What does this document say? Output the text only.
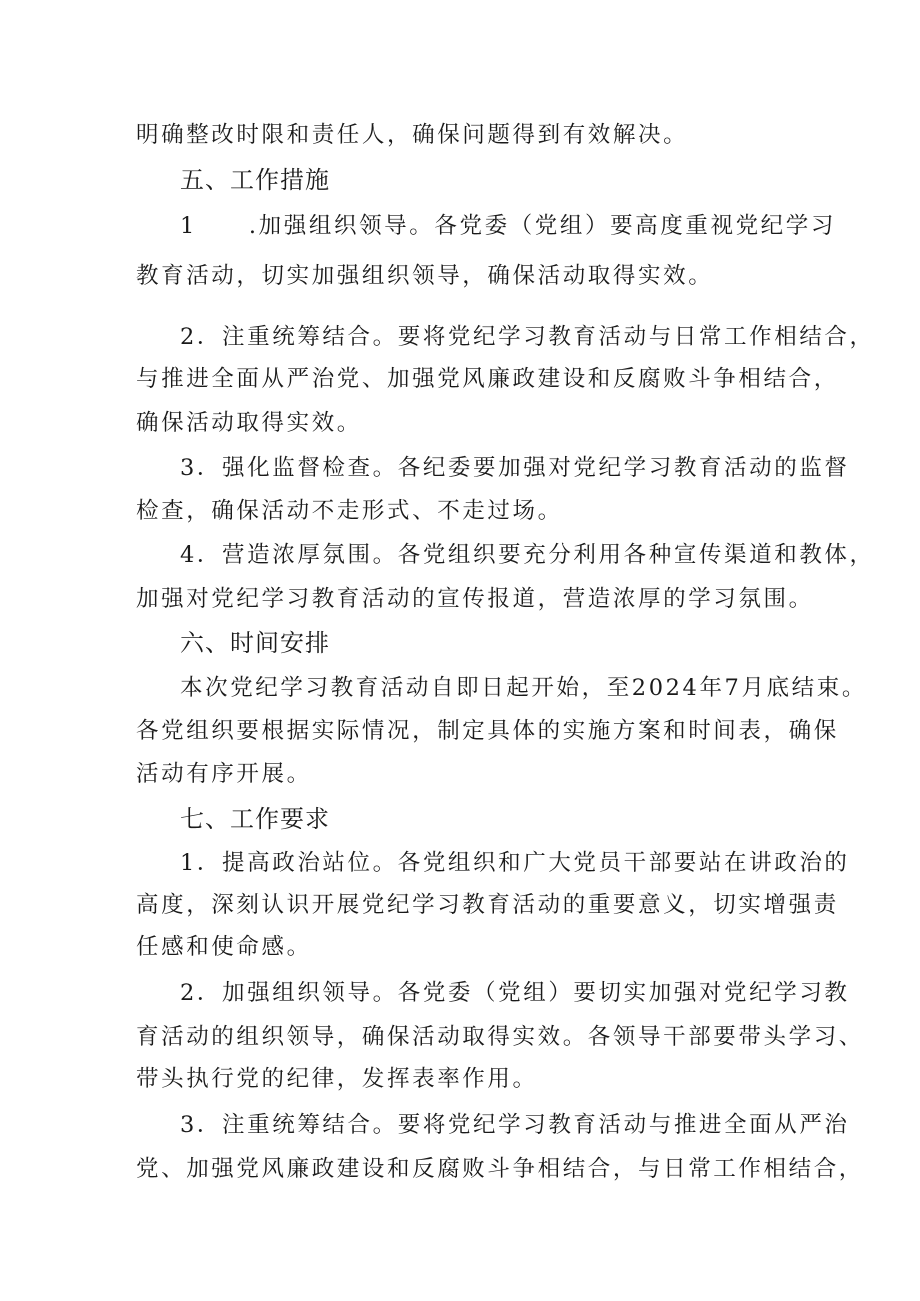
明确整改时限和责任人，确保问题得到有效解决。
五、工作措施
1 .加强组织领导。各党委（党组）要高度重视党纪学习
教育活动，切实加强组织领导，确保活动取得实效。
2．注重统筹结合。要将党纪学习教育活动与日常工作相结合，
与推进全面从严治党、加强党风廉政建设和反腐败斗争相结合，
确保活动取得实效。
3．强化监督检查。各纪委要加强对党纪学习教育活动的监督
检查，确保活动不走形式、不走过场。
4．营造浓厚氛围。各党组织要充分利用各种宣传渠道和教体，
加强对党纪学习教育活动的宣传报道，营造浓厚的学习氛围。
六、时间安排
本次党纪学习教育活动自即日起开始，至2024年7月底结束。
各党组织要根据实际情况，制定具体的实施方案和时间表，确保
活动有序开展。
七、工作要求
1．提高政治站位。各党组织和广大党员干部要站在讲政治的
高度，深刻认识开展党纪学习教育活动的重要意义，切实增强责
任感和使命感。
2．加强组织领导。各党委（党组）要切实加强对党纪学习教
育活动的组织领导，确保活动取得实效。各领导干部要带头学习、
带头执行党的纪律，发挥表率作用。
3．注重统筹结合。要将党纪学习教育活动与推进全面从严治
党、加强党风廉政建设和反腐败斗争相结合，与日常工作相结合，
